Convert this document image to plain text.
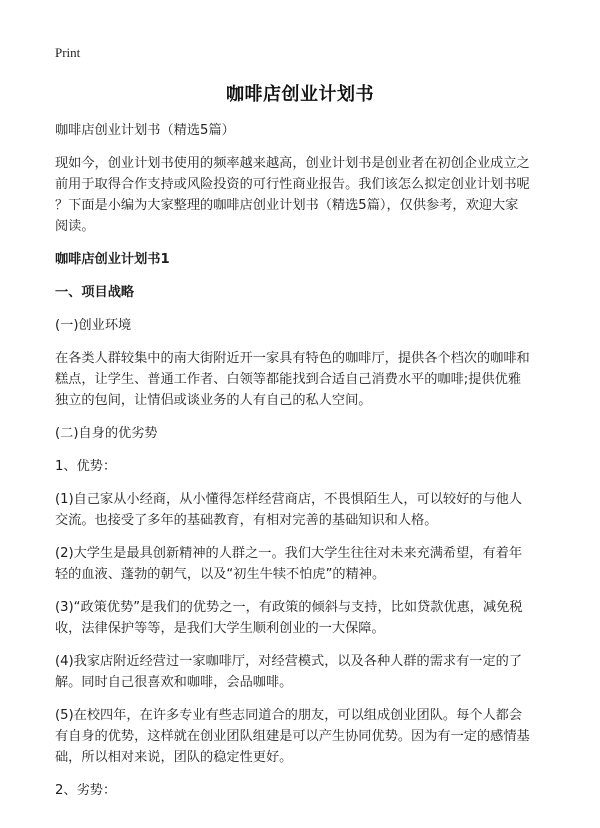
Print
咖啡店创业计划书

咖啡店创业计划书（精选5篇）

现如今，创业计划书使用的频率越来越高，创业计划书是创业者在初创企业成立之
前用于取得合作支持或风险投资的可行性商业报告。我们该怎么拟定创业计划书呢
？下面是小编为大家整理的咖啡店创业计划书（精选5篇），仅供参考，欢迎大家
阅读。

咖啡店创业计划书1

一、项目战略

(一)创业环境

在各类人群较集中的南大街附近开一家具有特色的咖啡厅，提供各个档次的咖啡和
糕点，让学生、普通工作者、白领等都能找到合适自己消费水平的咖啡;提供优雅
独立的包间，让情侣或谈业务的人有自己的私人空间。

(二)自身的优劣势

1、优势：

(1)自己家从小经商，从小懂得怎样经营商店，不畏惧陌生人，可以较好的与他人
交流。也接受了多年的基础教育，有相对完善的基础知识和人格。

(2)大学生是最具创新精神的人群之一。我们大学生往往对未来充满希望，有着年
轻的血液、蓬勃的朝气，以及“初生牛犊不怕虎”的精神。

(3)“政策优势”是我们的优势之一，有政策的倾斜与支持，比如贷款优惠，减免税
收，法律保护等等，是我们大学生顺利创业的一大保障。

(4)我家店附近经营过一家咖啡厅，对经营模式，以及各种人群的需求有一定的了
解。同时自己很喜欢和咖啡，会品咖啡。

(5)在校四年，在许多专业有些志同道合的朋友，可以组成创业团队。每个人都会
有自身的优势，这样就在创业团队组建是可以产生协同优势。因为有一定的感情基
础，所以相对来说，团队的稳定性更好。

2、劣势：
